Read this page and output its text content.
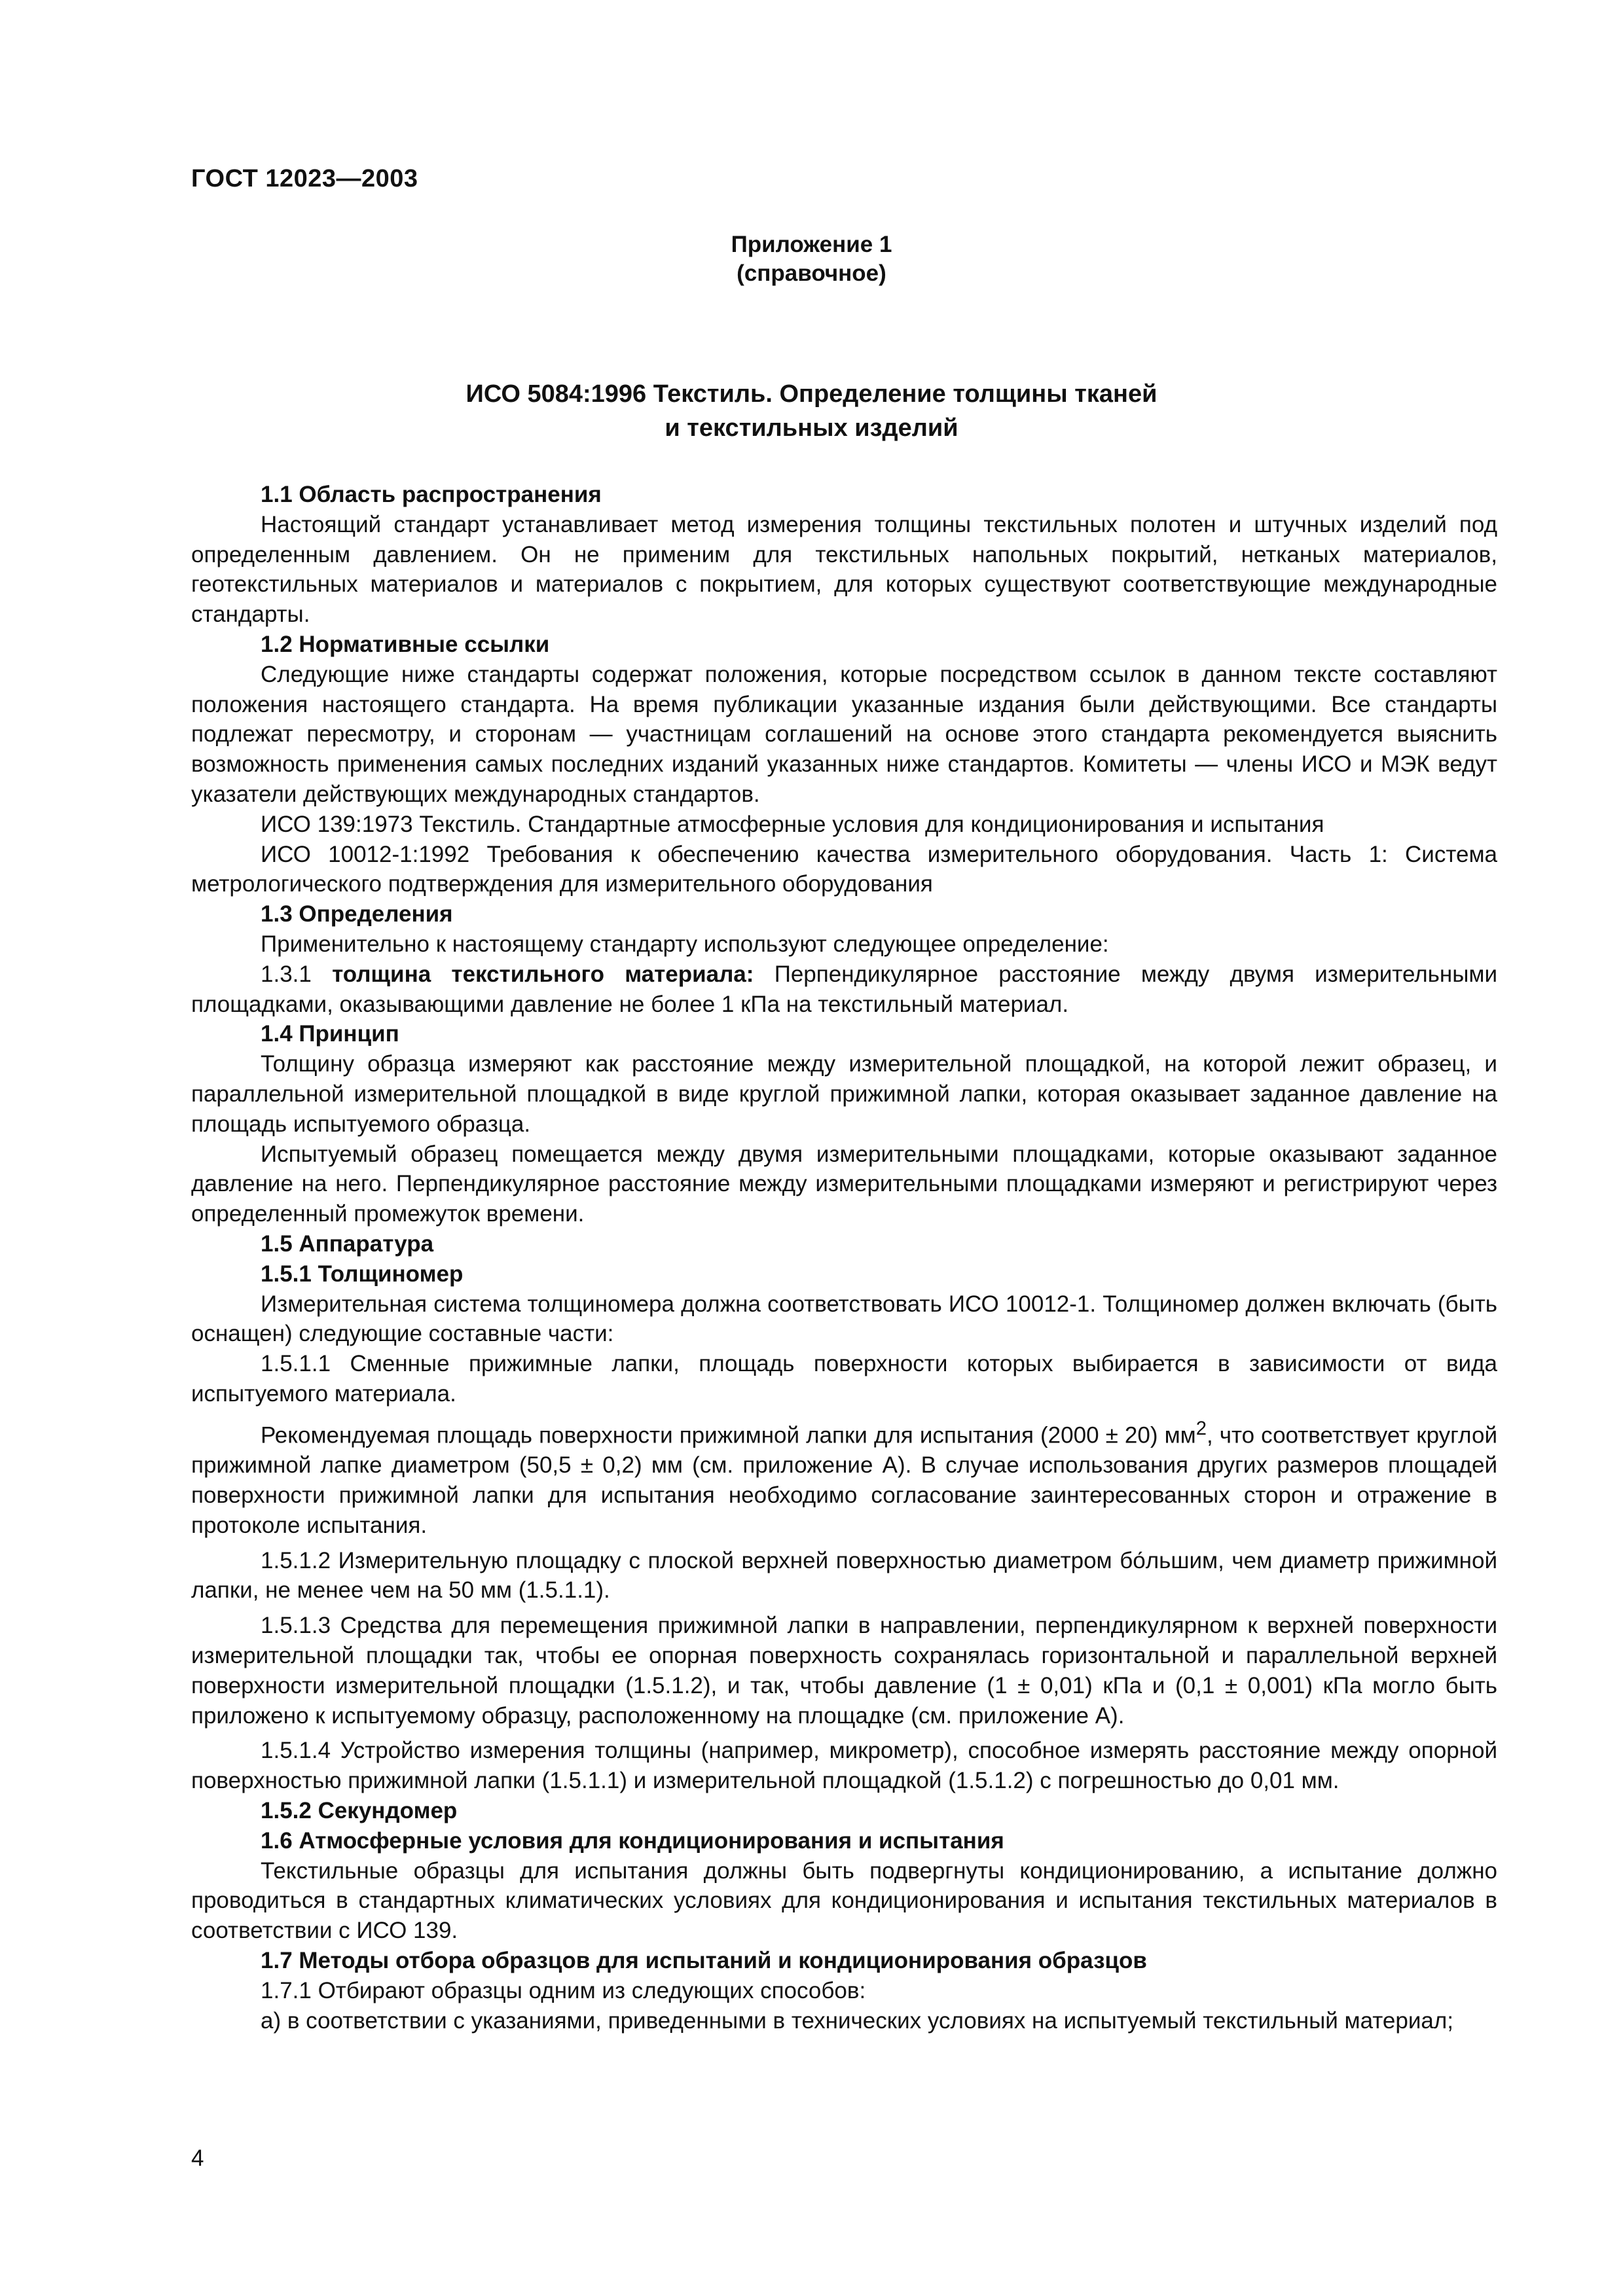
ГОСТ 12023—2003
Приложение 1
(справочное)
ИСО 5084:1996 Текстиль. Определение толщины тканей
и текстильных изделий

1.1 Область распространения

Настоящий стандарт устанавливает метод измерения толщины текстильных полотен и штучных изделий под определенным давлением. Он не применим для текстильных напольных покрытий, нетканых материалов, геотекстильных материалов и материалов с покрытием, для которых существуют соответствующие международные стандарты.

1.2 Нормативные ссылки

Следующие ниже стандарты содержат положения, которые посредством ссылок в данном тексте составляют положения настоящего стандарта. На время публикации указанные издания были действующими. Все стандарты подлежат пересмотру, и сторонам — участницам соглашений на основе этого стандарта рекомендуется выяснить возможность применения самых последних изданий указанных ниже стандартов. Комитеты — члены ИСО и МЭК ведут указатели действующих международных стандартов.

ИСО 139:1973 Текстиль. Стандартные атмосферные условия для кондиционирования и испытания

ИСО 10012-1:1992 Требования к обеспечению качества измерительного оборудования. Часть 1: Система метрологического подтверждения для измерительного оборудования

1.3 Определения

Применительно к настоящему стандарту используют следующее определение:

1.3.1 толщина текстильного материала: Перпендикулярное расстояние между двумя измерительными площадками, оказывающими давление не более 1 кПа на текстильный материал.

1.4 Принцип

Толщину образца измеряют как расстояние между измерительной площадкой, на которой лежит образец, и параллельной измерительной площадкой в виде круглой прижимной лапки, которая оказывает заданное давление на площадь испытуемого образца.

Испытуемый образец помещается между двумя измерительными площадками, которые оказывают заданное давление на него. Перпендикулярное расстояние между измерительными площадками измеряют и регистрируют через определенный промежуток времени.

1.5 Аппаратура

1.5.1 Толщиномер

Измерительная система толщиномера должна соответствовать ИСО 10012-1. Толщиномер должен включать (быть оснащен) следующие составные части:

1.5.1.1 Сменные прижимные лапки, площадь поверхности которых выбирается в зависимости от вида испытуемого материала.

Рекомендуемая площадь поверхности прижимной лапки для испытания (2000 ± 20) $мм^2$, что соответствует круглой прижимной лапке диаметром (50,5 ± 0,2) мм (см. приложение А). В случае использования других размеров площадей поверхности прижимной лапки для испытания необходимо согласование заинтересованных сторон и отражение в протоколе испытания.

1.5.1.2 Измерительную площадку с плоской верхней поверхностью диаметром бо́льшим, чем диаметр прижимной лапки, не менее чем на 50 мм (1.5.1.1).

1.5.1.3 Средства для перемещения прижимной лапки в направлении, перпендикулярном к верхней поверхности измерительной площадки так, чтобы ее опорная поверхность сохранялась горизонтальной и параллельной верхней поверхности измерительной площадки (1.5.1.2), и так, чтобы давление (1 ± 0,01) кПа и (0,1 ± 0,001) кПа могло быть приложено к испытуемому образцу, расположенному на площадке (см. приложение А).

1.5.1.4 Устройство измерения толщины (например, микрометр), способное измерять расстояние между опорной поверхностью прижимной лапки (1.5.1.1) и измерительной площадкой (1.5.1.2) с погрешностью до 0,01 мм.

1.5.2 Секундомер

1.6 Атмосферные условия для кондиционирования и испытания

Текстильные образцы для испытания должны быть подвергнуты кондиционированию, а испытание должно проводиться в стандартных климатических условиях для кондиционирования и испытания текстильных материалов в соответствии с ИСО 139.

1.7 Методы отбора образцов для испытаний и кондиционирования образцов

1.7.1 Отбирают образцы одним из следующих способов:

а) в соответствии с указаниями, приведенными в технических условиях на испытуемый текстильный материал;

4
